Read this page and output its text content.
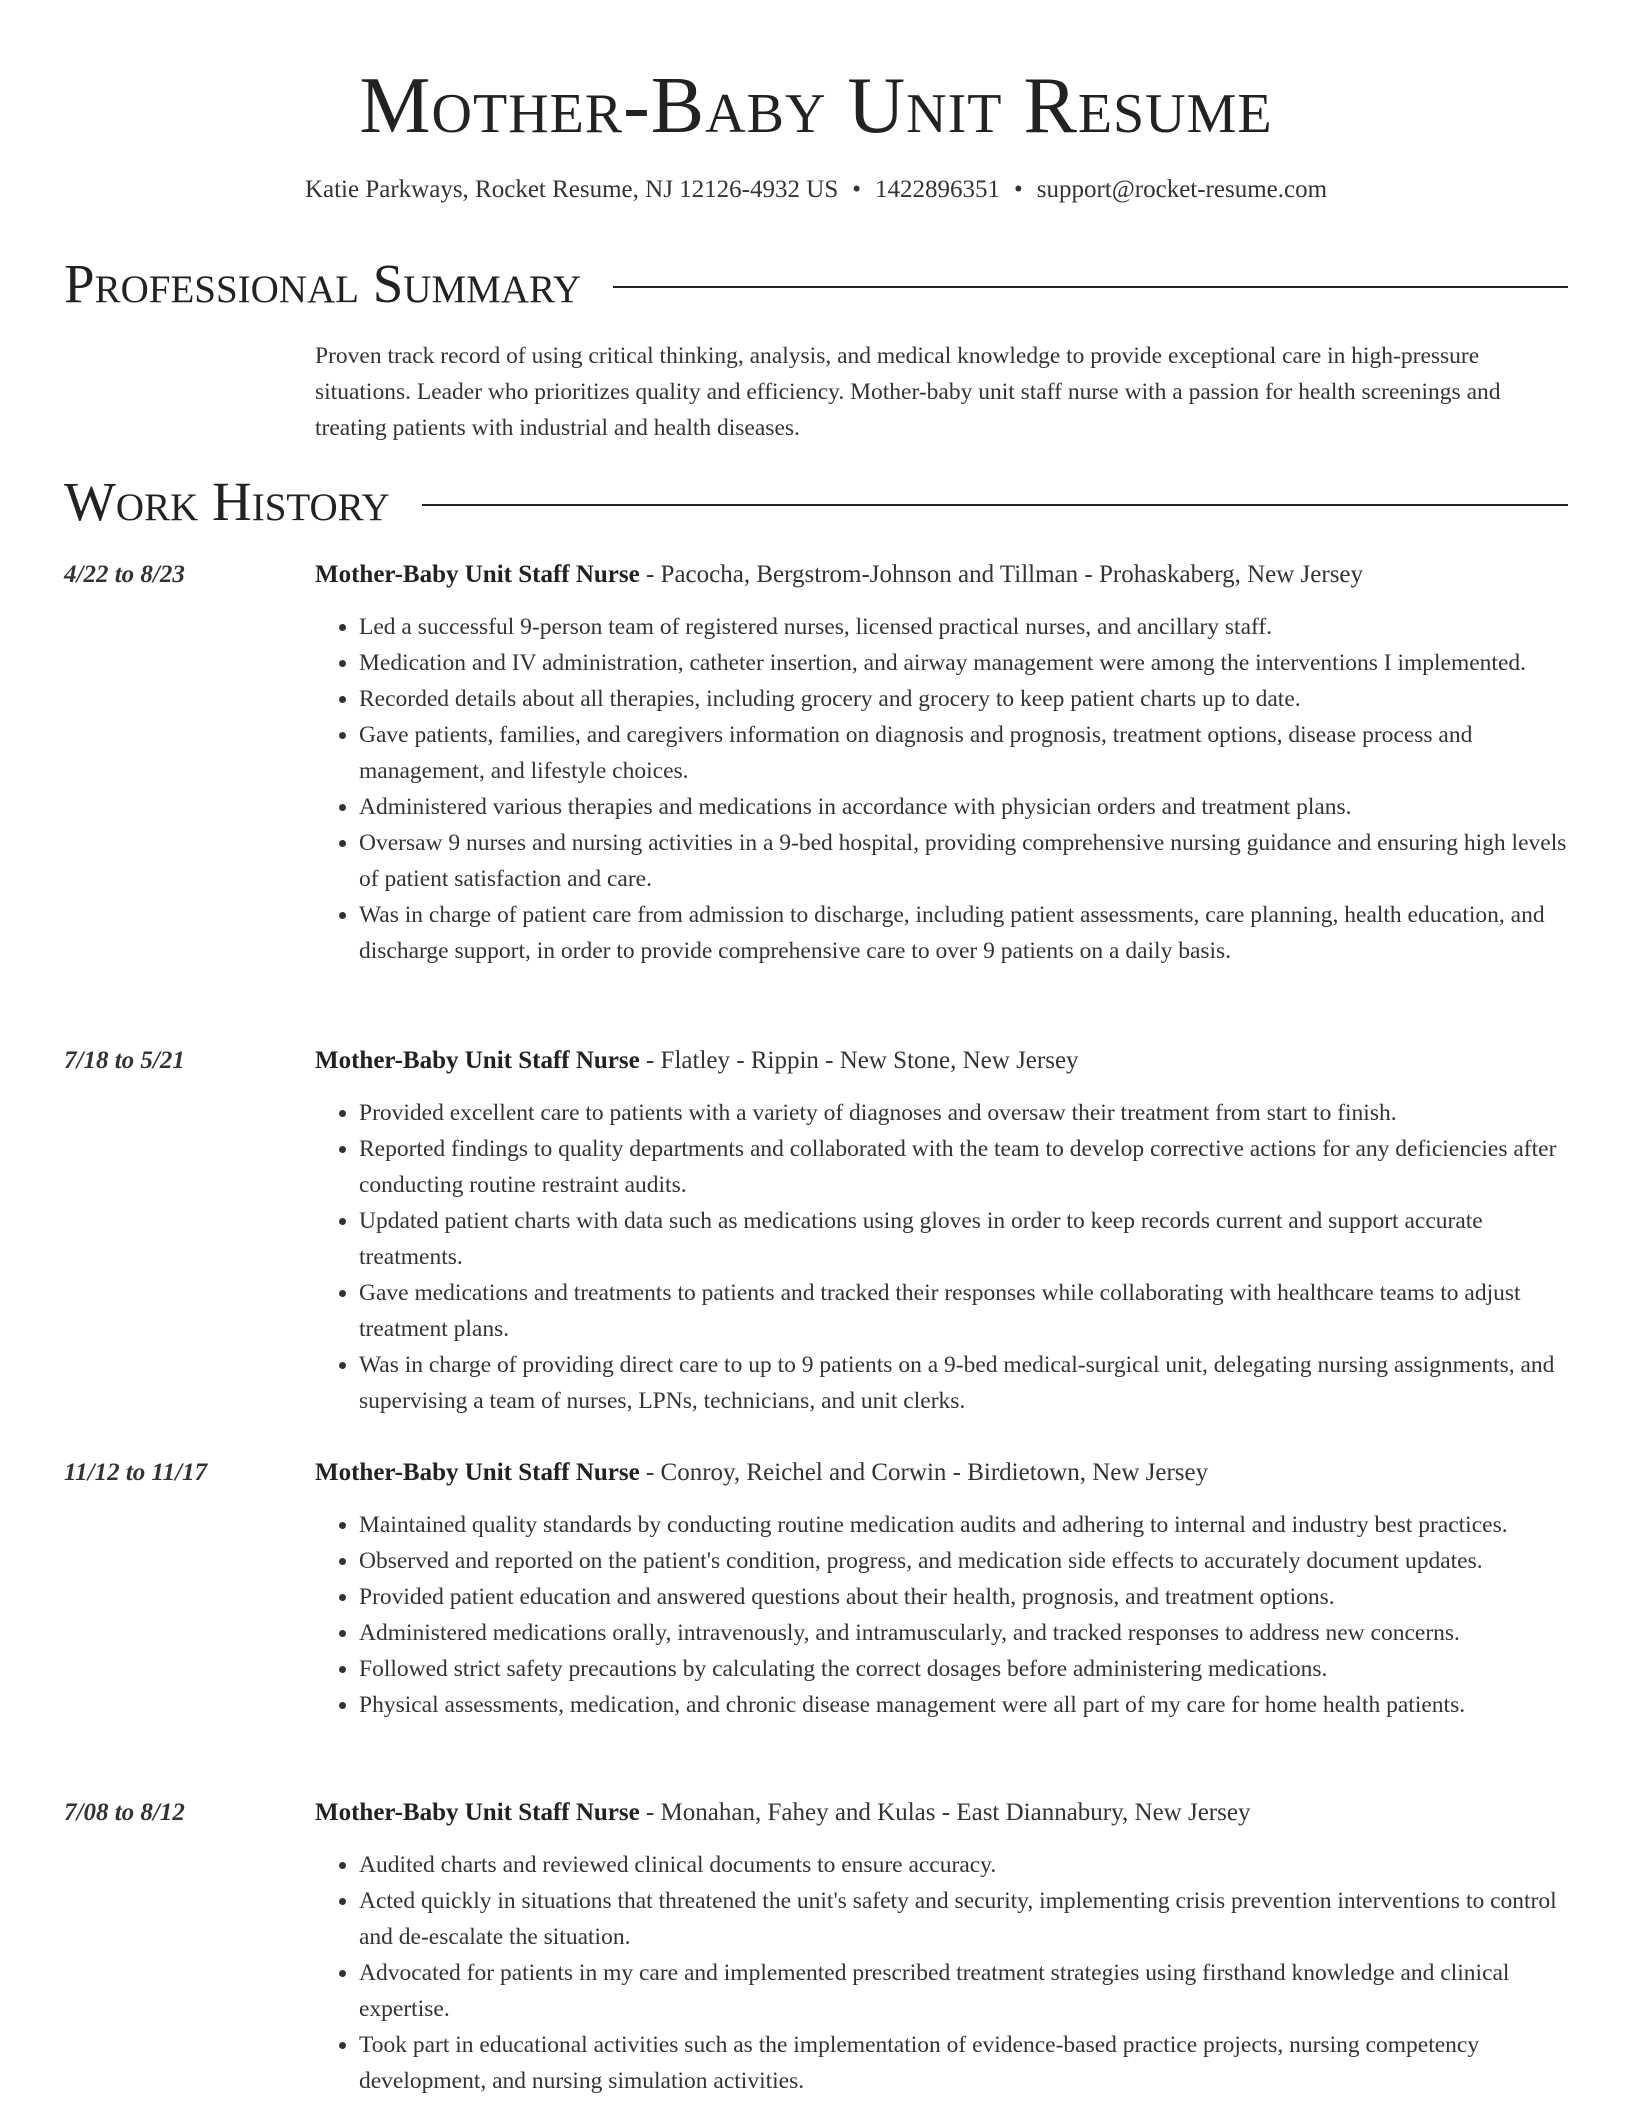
Mother-Baby Unit Resume
Katie Parkways, Rocket Resume, NJ 12126-4932 US • 1422896351 • support@rocket-resume.com
Professional Summary
Proven track record of using critical thinking, analysis, and medical knowledge to provide exceptional care in high-pressure situations. Leader who prioritizes quality and efficiency. Mother-baby unit staff nurse with a passion for health screenings and treating patients with industrial and health diseases.
Work History
4/22 to 8/23	Mother-Baby Unit Staff Nurse - Pacocha, Bergstrom-Johnson and Tillman - Prohaskaberg, New Jersey
• Led a successful 9-person team of registered nurses, licensed practical nurses, and ancillary staff.
• Medication and IV administration, catheter insertion, and airway management were among the interventions I implemented.
• Recorded details about all therapies, including grocery and grocery to keep patient charts up to date.
• Gave patients, families, and caregivers information on diagnosis and prognosis, treatment options, disease process and management, and lifestyle choices.
• Administered various therapies and medications in accordance with physician orders and treatment plans.
• Oversaw 9 nurses and nursing activities in a 9-bed hospital, providing comprehensive nursing guidance and ensuring high levels of patient satisfaction and care.
• Was in charge of patient care from admission to discharge, including patient assessments, care planning, health education, and discharge support, in order to provide comprehensive care to over 9 patients on a daily basis.
7/18 to 5/21	Mother-Baby Unit Staff Nurse - Flatley - Rippin - New Stone, New Jersey
• Provided excellent care to patients with a variety of diagnoses and oversaw their treatment from start to finish.
• Reported findings to quality departments and collaborated with the team to develop corrective actions for any deficiencies after conducting routine restraint audits.
• Updated patient charts with data such as medications using gloves in order to keep records current and support accurate treatments.
• Gave medications and treatments to patients and tracked their responses while collaborating with healthcare teams to adjust treatment plans.
• Was in charge of providing direct care to up to 9 patients on a 9-bed medical-surgical unit, delegating nursing assignments, and supervising a team of nurses, LPNs, technicians, and unit clerks.
11/12 to 11/17	Mother-Baby Unit Staff Nurse - Conroy, Reichel and Corwin - Birdietown, New Jersey
• Maintained quality standards by conducting routine medication audits and adhering to internal and industry best practices.
• Observed and reported on the patient's condition, progress, and medication side effects to accurately document updates.
• Provided patient education and answered questions about their health, prognosis, and treatment options.
• Administered medications orally, intravenously, and intramuscularly, and tracked responses to address new concerns.
• Followed strict safety precautions by calculating the correct dosages before administering medications.
• Physical assessments, medication, and chronic disease management were all part of my care for home health patients.
7/08 to 8/12	Mother-Baby Unit Staff Nurse - Monahan, Fahey and Kulas - East Diannabury, New Jersey
• Audited charts and reviewed clinical documents to ensure accuracy.
• Acted quickly in situations that threatened the unit's safety and security, implementing crisis prevention interventions to control and de-escalate the situation.
• Advocated for patients in my care and implemented prescribed treatment strategies using firsthand knowledge and clinical expertise.
• Took part in educational activities such as the implementation of evidence-based practice projects, nursing competency development, and nursing simulation activities.
